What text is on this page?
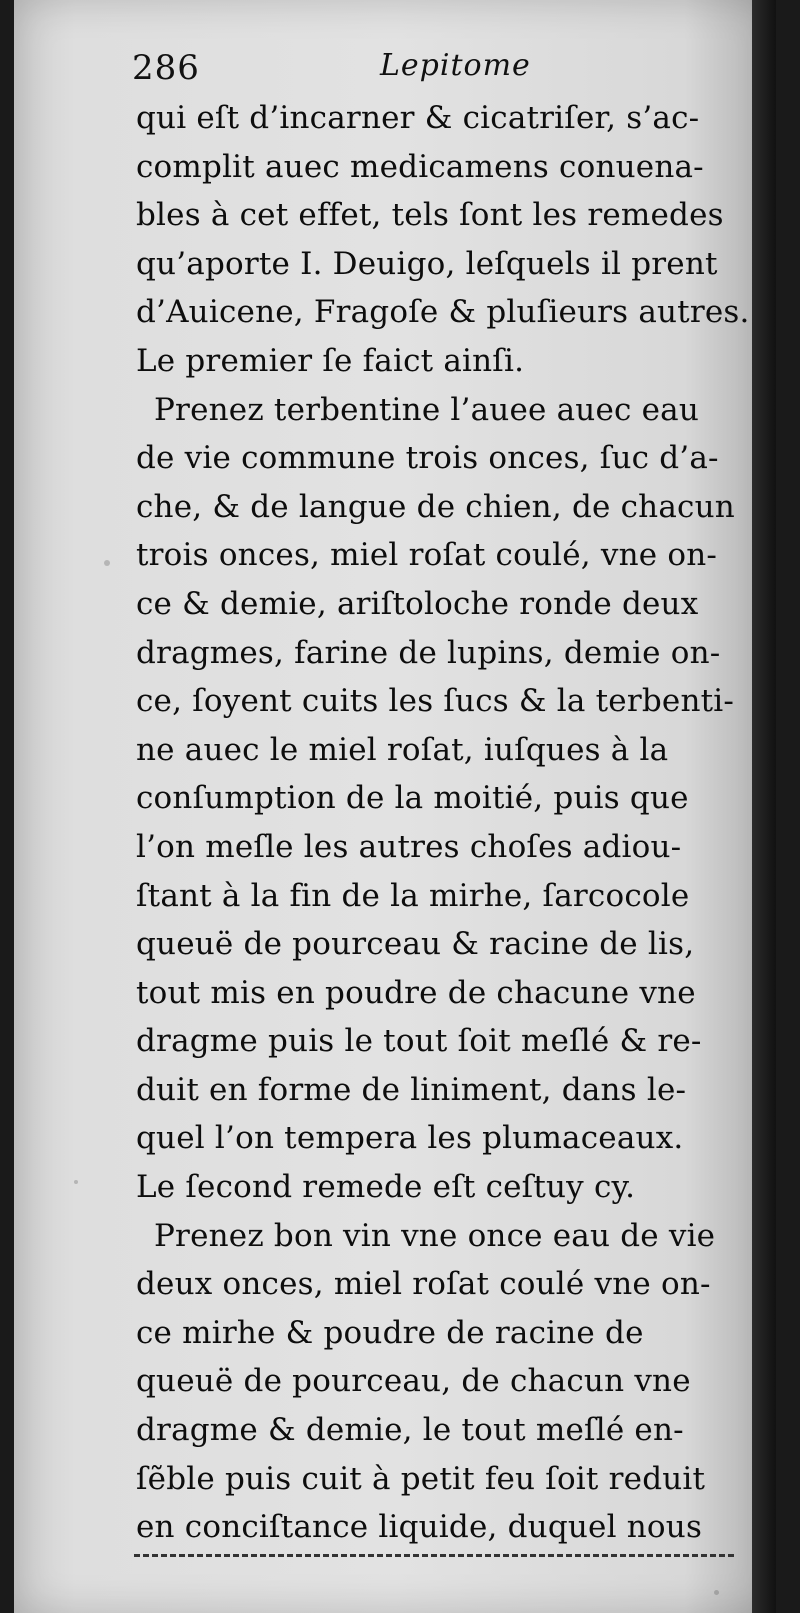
286	Lepitome
qui eſt d’incarner & cicatriſer, s’ac-
complit auec medicamens conuena-
bles à cet effet, tels ſont les remedes
qu’aporte I. Deuigo, leſquels il prent
d’Auicene, Fragoſe & pluſieurs autres.
Le premier ſe faict ainſi.
Prenez terbentine l’auee auec eau
de vie commune trois onces, ſuc d’a-
che, & de langue de chien, de chacun
trois onces, miel roſat coulé, vne on-
ce & demie, ariſtoloche ronde deux
dragmes, farine de lupins, demie on-
ce, ſoyent cuits les ſucs & la terbenti-
ne auec le miel roſat, iuſques à la
conſumption de la moitié, puis que
l’on meſle les autres choſes adiou-
ſtant à la fin de la mirhe, ſarcocole
queuë de pourceau & racine de lis,
tout mis en poudre de chacune vne
dragme puis le tout ſoit meſlé & re-
duit en forme de liniment, dans le-
quel l’on tempera les plumaceaux.
Le ſecond remede eſt ceſtuy cy.
Prenez bon vin vne once eau de vie
deux onces, miel roſat coulé vne on-
ce mirhe & poudre de racine de
queuë de pourceau, de chacun vne
dragme & demie, le tout meſlé en-
ſẽble puis cuit à petit feu ſoit reduit
en conciſtance liquide, duquel nous
